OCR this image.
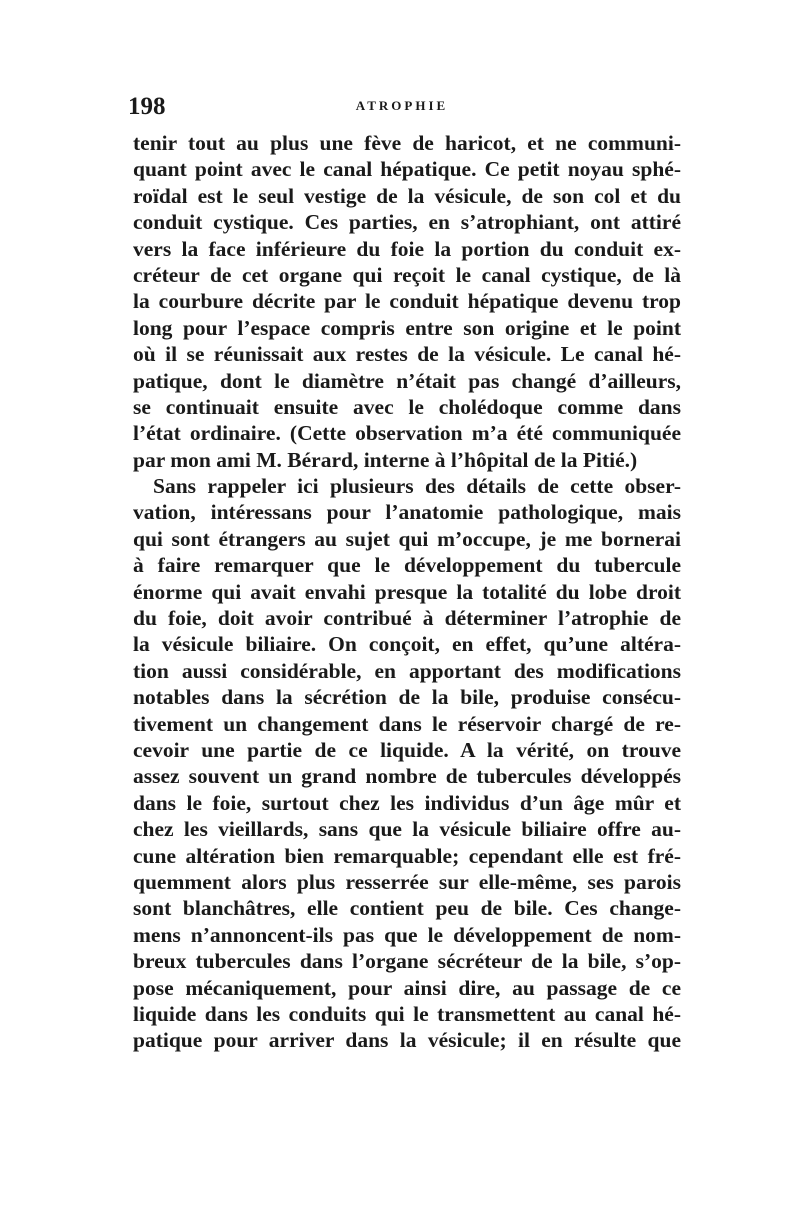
198	ATROPHIE
tenir tout au plus une fève de haricot, et ne communi-
quant point avec le canal hépatique. Ce petit noyau sphé-
roïdal est le seul vestige de la vésicule, de son col et du
conduit cystique. Ces parties, en s’atrophiant, ont attiré
vers la face inférieure du foie la portion du conduit ex-
créteur de cet organe qui reçoit le canal cystique, de là
la courbure décrite par le conduit hépatique devenu trop
long pour l’espace compris entre son origine et le point
où il se réunissait aux restes de la vésicule. Le canal hé-
patique, dont le diamètre n’était pas changé d’ailleurs,
se continuait ensuite avec le cholédoque comme dans
l’état ordinaire. (Cette observation m’a été communiquée
par mon ami M. Bérard, interne à l’hôpital de la Pitié.)
Sans rappeler ici plusieurs des détails de cette obser-
vation, intéressans pour l’anatomie pathologique, mais
qui sont étrangers au sujet qui m’occupe, je me bornerai
à faire remarquer que le développement du tubercule
énorme qui avait envahi presque la totalité du lobe droit
du foie, doit avoir contribué à déterminer l’atrophie de
la vésicule biliaire. On conçoit, en effet, qu’une altéra-
tion aussi considérable, en apportant des modifications
notables dans la sécrétion de la bile, produise consécu-
tivement un changement dans le réservoir chargé de re-
cevoir une partie de ce liquide. A la vérité, on trouve
assez souvent un grand nombre de tubercules développés
dans le foie, surtout chez les individus d’un âge mûr et
chez les vieillards, sans que la vésicule biliaire offre au-
cune altération bien remarquable; cependant elle est fré-
quemment alors plus resserrée sur elle-même, ses parois
sont blanchâtres, elle contient peu de bile. Ces change-
mens n’annoncent-ils pas que le développement de nom-
breux tubercules dans l’organe sécréteur de la bile, s’op-
pose mécaniquement, pour ainsi dire, au passage de ce
liquide dans les conduits qui le transmettent au canal hé-
patique pour arriver dans la vésicule; il en résulte que
